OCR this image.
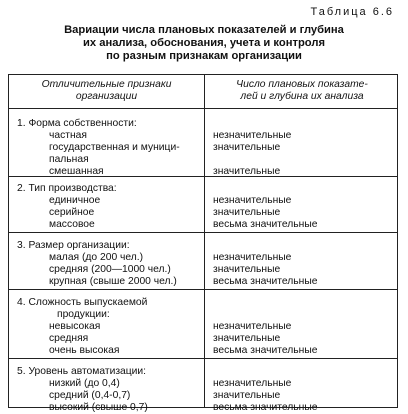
Таблица 6.6
Вариации числа плановых показателей и глубина
их анализа, обоснования, учета и контроля
по разным признакам организации
Отличительные признаки
организации
Число плановых показате-
лей и глубина их анализа
1. Форма собственности:
частная
государственная и муници-
пальная
смешанная
незначительные
значительные
значительные
2. Тип производства:
единичное
серийное
массовое
незначительные
значительные
весьма значительные
3. Размер организации:
малая (до 200 чел.)
средняя (200—1000 чел.)
крупная (свыше 2000 чел.)
незначительные
значительные
весьма значительные
4. Сложность выпускаемой
продукции:
невысокая
средняя
очень высокая
незначительные
значительные
весьма значительные
5. Уровень автоматизации:
низкий (до 0,4)
средний (0,4-0,7)
высокий (свыше 0,7)
незначительные
значительные
весьма значительные
